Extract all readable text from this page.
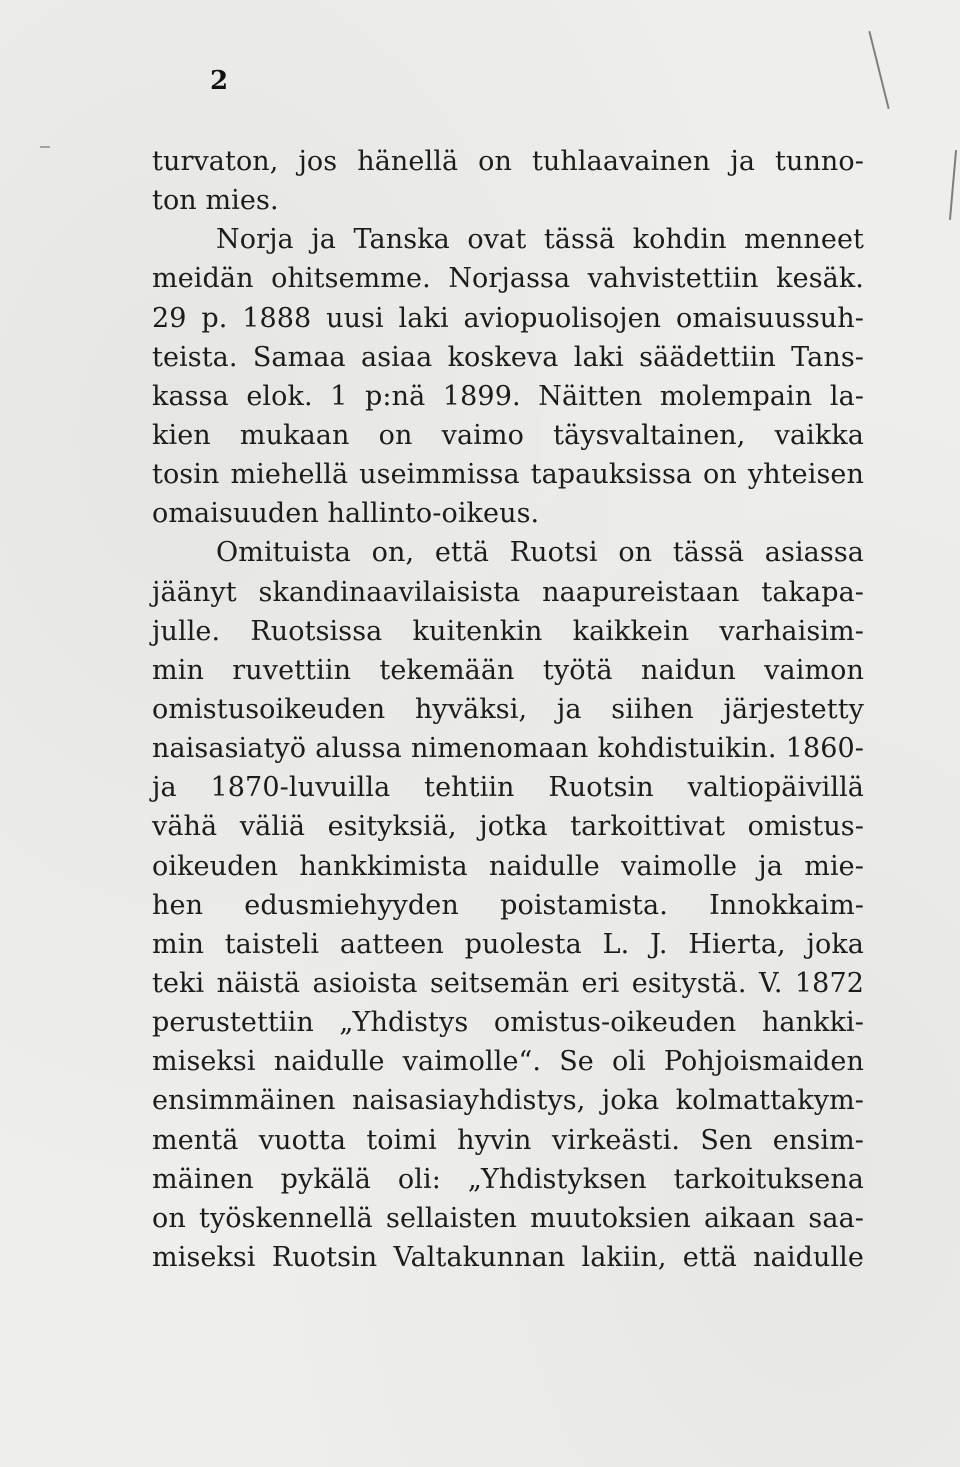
2
turvaton, jos hänellä on tuhlaavainen ja tunno-
ton mies.
Norja ja Tanska ovat tässä kohdin menneet
meidän ohitsemme. Norjassa vahvistettiin kesäk.
29 p. 1888 uusi laki aviopuolisojen omaisuussuh-
teista. Samaa asiaa koskeva laki säädettiin Tans-
kassa elok. 1 p:nä 1899. Näitten molempain la-
kien mukaan on vaimo täysvaltainen, vaikka
tosin miehellä useimmissa tapauksissa on yhteisen
omaisuuden hallinto-oikeus.
Omituista on, että Ruotsi on tässä asiassa
jäänyt skandinaavilaisista naapureistaan takapa-
julle. Ruotsissa kuitenkin kaikkein varhaisim-
min ruvettiin tekemään työtä naidun vaimon
omistusoikeuden hyväksi, ja siihen järjestetty
naisasiatyö alussa nimenomaan kohdistuikin. 1860-
ja 1870-luvuilla tehtiin Ruotsin valtiopäivillä
vähä väliä esityksiä, jotka tarkoittivat omistus-
oikeuden hankkimista naidulle vaimolle ja mie-
hen edusmiehyyden poistamista. Innokkaim-
min taisteli aatteen puolesta L. J. Hierta, joka
teki näistä asioista seitsemän eri esitystä. V. 1872
perustettiin „Yhdistys omistus-oikeuden hankki-
miseksi naidulle vaimolle“. Se oli Pohjoismaiden
ensimmäinen naisasiayhdistys, joka kolmattakym-
mentä vuotta toimi hyvin virkeästi. Sen ensim-
mäinen pykälä oli: „Yhdistyksen tarkoituksena
on työskennellä sellaisten muutoksien aikaan saa-
miseksi Ruotsin Valtakunnan lakiin, että naidulle
